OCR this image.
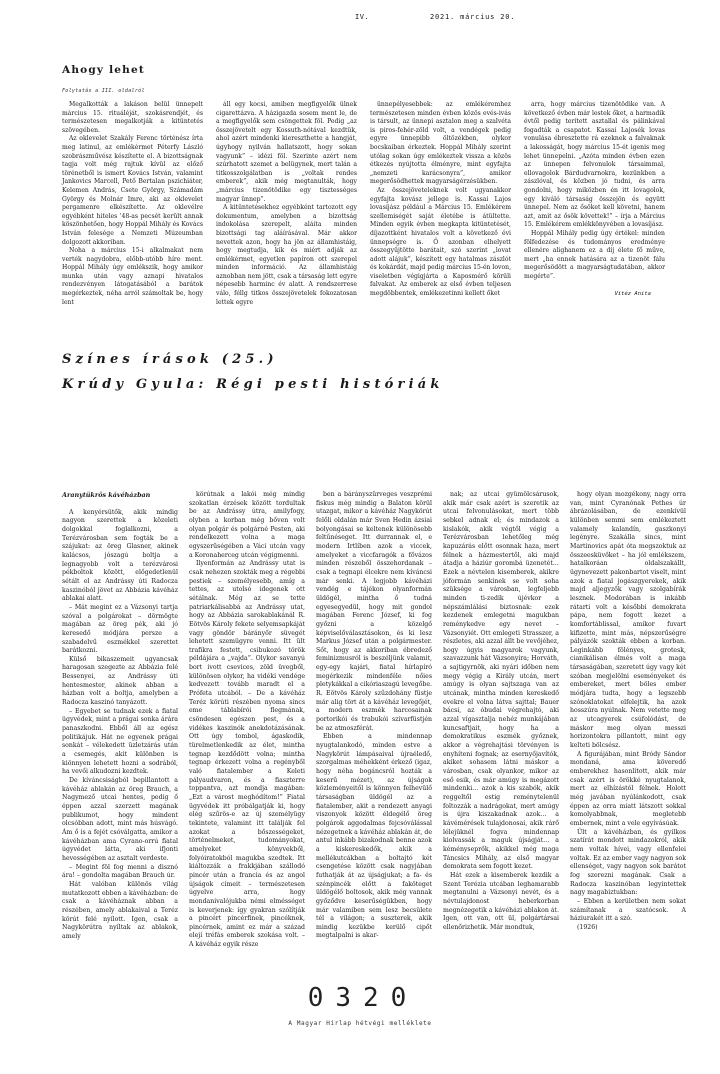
IV.	2021. március 20.
Ahogy lehet
Folytatás a III. oldalról

Megalkották a lakáson belül ünnepelt március 15. rituáléját, szokásrendjét, és természetesen megalkotják a kitüntetés szövegében.

Az oklevelet Szakály Ferenc történész írta meg latinul, az emlékérmet Péterfy László szobrászművész készítette el. A bizottságnak tagja volt még rajtuk kívül az előző törénetből is ismert Kovács István, valamint Jankovics Marcell, Pető Bertalan pszichiáter, Kelemen András, Csete György, Számadám György és Molnár Imre, aki az oklevelet pergamenre elkészítette. Az oklevélre egyébként hiteles '48-as pecsét került annak köszönhetően, hogy Hoppál Mihály és Kovács István felesége a Nemzeti Múzeumban dolgozott akkoriban.

Noha a március 15-i alkalmakat nem verték nagydobra, előbb-utóbb híre ment. Hoppál Mihály úgy emlékszik, hogy amikor munka után vagy aznapi hivatalos rendezvényen látogatásából a barátok megérkeztek, néha arról számoltak be, hogy lent

áll egy kocsi, amiben megfigyelők ülnek cigarettázva. A házigazda sosem ment le, de a megfigyelők sem csöngettek föl. Pedig „az összejövetelt egy Kossuth-nótával kezdtük, ahol azért mindenki kiereszthette a hangját, úgyhogy nyilván hallatszott, hogy sokan vagyunk” – idézi föl. Szerinte azért nem szúrhatott szemet a belügynek, mert talán a titkosszolgálatban is „voltak rendes emberek”, akik még megtanulták, hogy „március tizenötödike egy tisztességes magyar ünnep”.

A kitüntetésekhez egyébként tartozott egy dokumentum, amelyben a bizottság indokolása szerepelt, aláíta minden bizottsági tag aláírásával. Már akkor nevettek azon, hogy ha jön az államhistáig, hogy megtudja, kik és miért adják az emlékérmet, egyetlen papíron ott szerepel minden információ. Az államhistáig aznobban nem jött, csak a társaság lett egyre népesebb harminc év alatt. A rendszerrese válo, féllg titkos összejövetelek fokozatosan lettek egyre

ünnepélyesebbek: az emlékéremhez természetesen minden évben közös evés-ivás is társult, az ünnepi asztalon meg a szalvéta is piros-fehér-zöld volt, a vendégek pedig egyre ünnepibb öltözékben, olykor bocskaiban érkeztek. Hoppál Mihály szerint utólag sokan úgy emlékeztek vissza a közös étkezés nyújtotta élményre, mint egyfajta „nemzeti karácsonyra”, amikor megerősödhettek magyarságérzésükben.

Az összejöveteleknek volt ugyanakkor egyfajta kovász jellege is. Kassai Lajos lovasíjász például a Március 15. Emlékérem szellemiségét saját életébe is átültette. Minden egyik évben megkapta kitüntetését, díjazottként hivatalos volt a következő évi ünnepségre is. Ő azonban elhelyett összegyűjtötte barátait, szó szerint „lovat adott alájuk”, készített egy hatalmas zászlót és kokárdát, majd pedig március 15-én lovon, viseletben végigjárta a Kaposmérő körüli falvakat. Az emberek az első évben teljesen megdöbbentek, emlékezetinni kellett őket

arra, hogy március tizenötödike van. A következő évben már lestek őket, a harmadik évtől pedig terített asztallal és pálinkával fogadták a csapatot. Kassai Lajosék lovas vonulása ébresztette rá ezeknek a falvaknak a lakosságát, hogy március 15-ét igenis meg lehet ünnepelni. „Azóta minden évben ezen az ünnepen felvonulok társaimmal, ellovagolok Bárdudvarnokra, kezünkben a zászlóval, és közben jó tudni, és arra gondolni, hogy miközben én itt lovagolok, egy kiváló társaság összejön és együtt ünnepel. Nem az ősöket kell követni, hanem azt, amit az ősök követtek!” – írja a Március 15. Emlékérem emlékkönyvében a lovasíjász.

Hoppál Mihály pedig úgy értékel: minden fölfedezése és tudományos eredménye ellenére alighanem ez a díj élete fő műve, mert „ha ennek hatására az a tizenöt fálu megerősödött a magyarságtudatában, akkor megérte”.

Vitéz Anita
Színes írások (25.)
Krúdy Gyula: Régi pesti históriák
Aranytükrös kávéházban

A kenyérsütők, akik mindig nagyon szerettek a közeleti dolgokkal foglalkozni, a Terézvárosban sem fogták be a szájukat: az öreg Glasner, akinek kalácsos, jószagú boltja a legnagyobb volt a terézvárosi pékboltok között, előgedetlenül sétált el az Andrássy úti Radocza kaszinóból jövet az Abbázia kávéház ablakai alatt.

– Mát megint ez a Vázsonyi tartja szóval a polgárokat – dörmögte magában az öreg pék, aki jó keresedő módjára persze a szabadelvű eszmékkel szerettet barátkozni.

Külső bikaszemeit ugyancsak haragosan szegezte az Abbázia felé Bessenyei, az Andrássy úti hentesmester, akinek abban a házban volt a boltja, amelyben a Radocza kaszinó tanyázott.

– Egyebet se tudnak ezek a fiatal ügyvédek, mint a prágai sonka árára panaszkodni. Ebből áll az egész politikájuk. Hát ne egyenek prágai sonkát – vélekedett üzletzárás után a csemegés, akit különben is kiönnyen lehetett hozni a sodrából, ha vevői alkudozni kezdtek.

De kíváncsiságból bepillantott a kávéház ablakán az öreg Brauch, a Nagymező utcai hentes, pedig ő éppen azzal szerzett magának publikumot, hogy mindent olcsóbban adott, mint más húsvágó. Ám ő is a fejét csóválgatta, amikor a kávéházban ama Cyrano-orrú fiatal úgyvédet látta, aki ifjonti hevességében az asztalt verdeste.

– Megint föl fog menni a disznó ára! – gondolta magában Brauch úr.

Hát valóban különös világ mutatkozott ebben a kávéházban: de csak a kávéháznak abban a részében, amely ablakaival a Teréz körút felé nyílott. Igen, csak a Nagykörútra nyíltak az ablakok, amely

körútnak a lakói még mindig szokatlan érzések között tordultak be az Andrássy útra, amilyfogy, olyben a korban még bőven volt olyan polgár és polgárné Pesten, aki rendelkezett volna a maga egyszerűségében a Váci utcán vagy a Koronaherceg utcán végigmenni.

Ilyenformán az Andrássy utat is csak nehezen szokták meg a régebbi pestiek – személyesebb, amíg a tettes, az utolsó idegenek ott sétálnak. Még az se tette patriarkálisabbá az Andrássy utat, hogy az Abbázia sarokablakánál R. Eötvös Károly fekete selyemsapkáját vagy göndör bárányőr süvegét lehetett szemügyre venni. Itt ült trafikra festett, csibukozó török példájára a „vajda”. Olykor savanyú bort ivott csevices, zöld üvegből, különösen olykor, ha vidéki vendége kedvezett tovább maradt el a Prófeta utcából. – De a kávéház Teréz körúti részében nyoma sincs eme táblabírói flegmának, csöndesen egészen pest, és a vidékes kaszinók anekdotázásának. Ott úgy tombol, ágaskodik, türelmetlenkedik az élet, mintha tegnap kezdődött volna; mintha tegnap érkezett volna a regényből való fiatalember a Keleti pályaudvaron, és a fiaszterre toppantva, azt mondja magában: „Ezt a várost meghódítom!” Fiatal ügyvédek itt próbálgatják ki, hogy elég szűrös-e az új személyügy tekintete, valamint itt találják fel azokat a bőszességeket, történelmeket, tudományokat, amelyeket könyvekből, folyóiratokból magukba szedtek. Itt kiáltozzák a frakkjában szállodó pincér után a francia és az angol újságok címeit – természetesen úgyelve arra, hogy mondanivalójukba némi elmésséget is keverjenek: így gyakran szólítják a pincért pincérfinek, pincéknek, pincérnek, amint ez már a század elejí tréfás emberek szokása volt. – A kávéház egyik része

ben a bárányszürveges veszprémi fiskus még mindig a Balaton körül utazgat, mikor a kávéház Nagykörút felőli oldalán már Sven Hedin ázsiai bolyongásai se keltenek különösebb feltűnéseget. Itt durrannak el, e modern Irtlíben azok a viccek, amelyeket a viccfaragók a fővázos minden részeből összehordanak – csak a tegnapi élcekre nem kíváncsi már senki. A legjobb kávéházi vendég e tájékon olyanformán üldögél, mintha ő tudná egyesegyedül, hogy mit gondol magában Ferenc József, ki fog győzni a közelgő képviselőválasztásokon, és ki lesz Markus József után a polgármester. Sőt, hogy az akkoriban ébredező feminizmusról is beszéljünk valamit, egy-egy kajári, fiatal hírlapíró megérkezik mindenféle nőies pletykákkal a cikóriaszagú levegőbe. R. Eötvös Károly szűzdohány füstje már alig tört át a kávéház levegőjét, a modern eszmék harcosainak portorikói és trabukói szivarfüstjén be az atmoszférát.

Ebben a mindennap nyugtalankodó, minden estve a Nagykörút lámpásaival újraéledő, szorgalmas méhekként érkező (igaz, hogy néha bogáncsról hozták a keserű mézet), az újságok közleményeitől is könnyen felhevülő társaságban üldögél az a fiatalember, akit a rendezett anyagi viszonyok között éldegélő öreg polgárok aggodalmas fejcsóválással nézegetnek a kávéház ablakán át, de antul inkább bizakodnak benne azok a kiskereskedők, akik a mellékutcákban a boltajtó két csengetése között csak nagyjában futhatják át az újságjukat; a fa- és szénpincék előtt a faköteget üldögélő boltosok, akik még vannak győződve keserűségükben, hogy már valamiben sem lesz becsülete tél a világon; a suszterek, akik mindig kezükbe kerülő cipőt megtalpalni is akar-

nak; az utcai gyümölcsárusok, akik már csak azért is szeretik az utcai felvonulásokat, mert több sebkel adnak el; és mindazok a kislakók, akik végtől végig a Terézvárosban lehetőleg még kapuzárás előtt osonnak haza, mert félnek a házmestertől, aki majd átadja a háziúr gorombá üzenetét… Ezek a névtelen kisemberek, akikre jóformán senkinek se volt soha szüksége a városban, legfeljebb minden ti-zedik újévkor a népszámlálási biztosnak: ezek kezdenek emlegetni magukban reménykedve egy nevet – Vázsonyiét. Ott emlegeti Strasszer, a részletes, aki azzal állt be vevőjéhez, hogy úgyis magyarok vagyunk, szavazzunk hát Vázsonyira; Horváth, a sajtigyrnök, aki nyári időben nem megy végig a Király utcán, mert amúgy is olyan sajtszaga van az utcának, mintha minden kereskedő evekre el volna látva sajttal; Bauer bácsi, az óbudai végrehajtó, aki azzal vígasztalja nehéz munkájában kuncsaftjait, hogy ha a demokratikus eszmék győznek, akkor a végrehajtási törvényen is enyhíteni fognak; az esernyőjavítók, akiket sohasem látni máskor a városban, csak olyankor, mikor az eső esik, és már amúgy is megázott mindenki… azok a kis szabók, akik reggeltől estig reménytelenül foltozzák a nadrágokat, mert amúgy is újra kiszakadnak azok… a kávémérések tulajdonosai, akik rárő lélejüknél fogva mindennap kiolvassák a maguk újságját… a kéményseprők, akikkel még maga Táncsics Mihály, az első magyar demokrata sem fogott kezet.

Hát ezek a kisemberek kezdik a Szent Terézia utcában leghamarabb megtanulni a Vázsonyi nevét, és a névtulajdonost heberkorban megnézegetik a kávéházi ablakon át. Igen, ott van, ott ül, polgártársai ellenőrizhetik. Már mondtuk,

hogy olyan mozgékony, nagy orra van, mint Cyranónak Pethes úr ábrázolásában, de ezenkívül különben semmi sem emlékeztett valamely kalandín, gaszkonyi legényre. Szakálla sincs, mint Martinovics apát óta megszoktuk az összeesküvőket – ha jól emlékszem, hatalkoráan oldalszakállt, ügynevezett pakonbartot viselt, mint azok a fiatal jogászgyerekek, akik majd aljegyzők vagy szolgabírák lesznek. Modorában is inkább rátarti volt a későbbi demokrata pápa, nem fogott kezet a komfortáblissal, amikor fuvart kifizette, mint más, népszerűségre pályázók szokták ebben a korban. Leginkább fölényes, grotesk, cianikálisan élmés volt a maga társaságában, szeretett úgy vagy két szóban megjelölni eseményeket és embereket, mert böles ember módjára tudta, hogy a legszebb szónoklatokat elfelejtik, ha azok hosszúra nyúlnak. Nem vetette meg az utcagyerek csúfolódást, de máskor meg olyan messzi horizontokra pillantott, mint egy kelteti bölcsész.

A figurájában, mint Bródy Sándor mondaná, ama köveredő emberekhez hasonlított, akik már csak azért is örökké nyugtalanok, mert az elhízástól félnek. Holott még javában nyúlánkodott, csak éppen az orra miatt látszott sokkal komolyabbnak, megletebb embernek, mint a vele egyívásúak.

Ült a kávéházban, és gyilkos szatírát mondott mindazokról, akik nem voltak hívei, vagy ellenfelei voltak. Ez az ember vagy nagyon sok ellenséget, vagy nagyon sok barátot fog szerezni magának. Csak a Radocza kaszinóban legyintettek nagy magabiztukban:

– Ebben a kerületben nem sokat számítanak a szatócsok. A háziurakét itt a szó.

(1926)

0320
A Magyar Hírlap hétvégi melléklete
